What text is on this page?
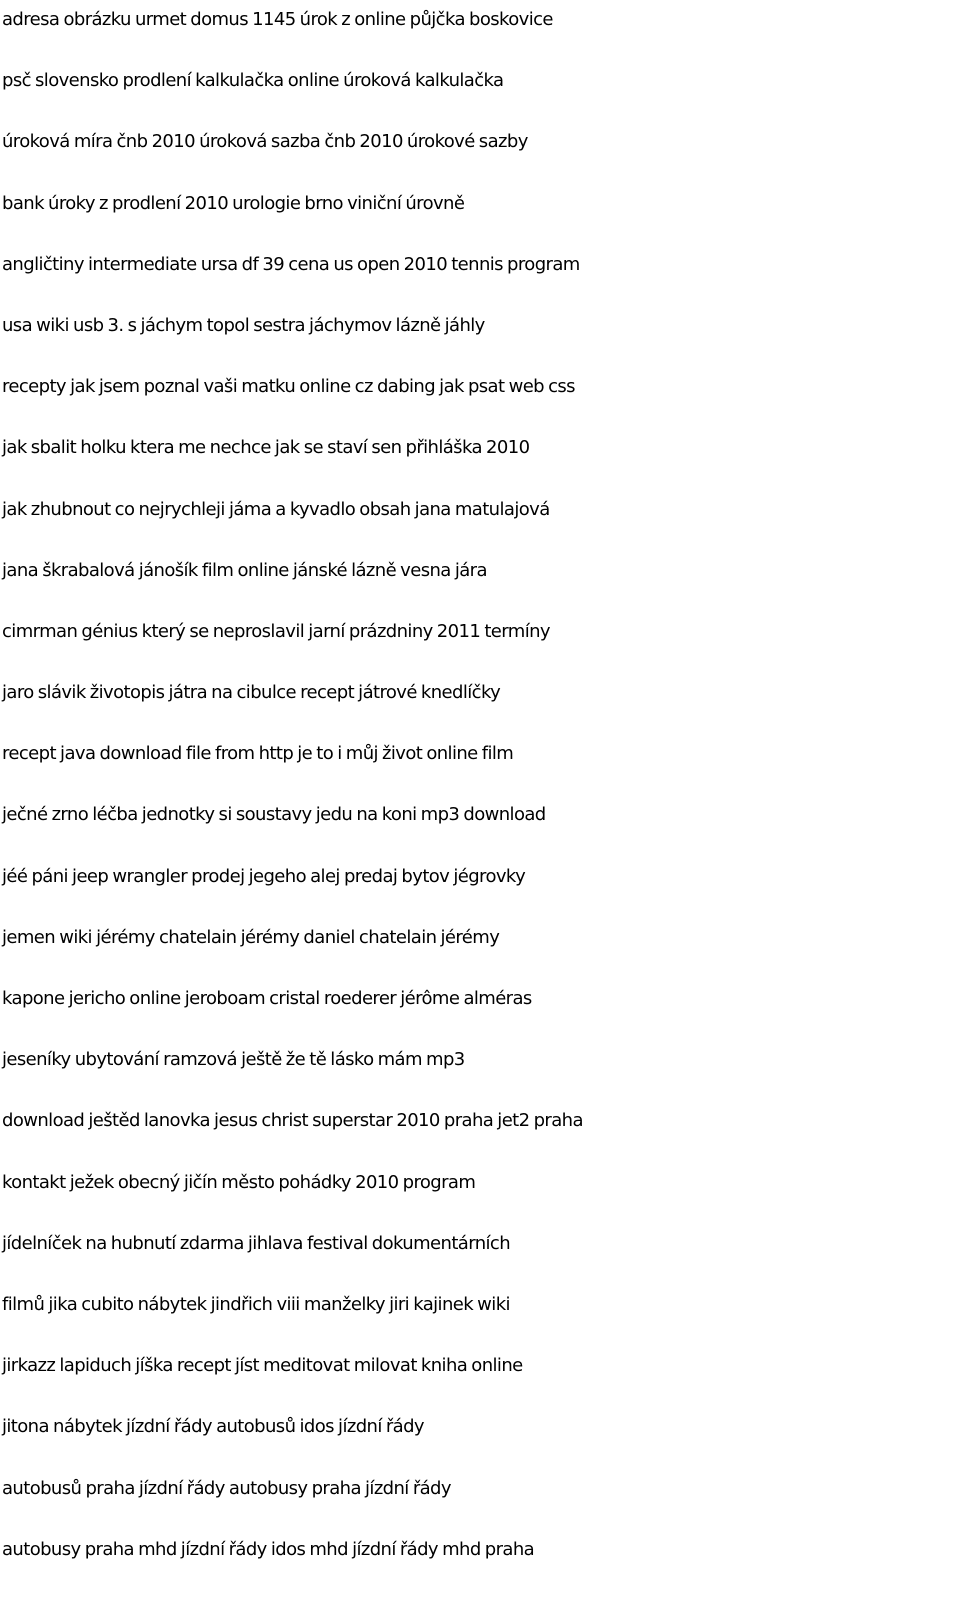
adresa obrázku urmet domus 1145 úrok z online půjčka boskovice
psč slovensko prodlení kalkulačka online úroková kalkulačka
úroková míra čnb 2010 úroková sazba čnb 2010 úrokové sazby
bank úroky z prodlení 2010 urologie brno viniční úrovně
angličtiny intermediate ursa df 39 cena us open 2010 tennis program
usa wiki usb 3. s jáchym topol sestra jáchymov lázně jáhly
recepty jak jsem poznal vaši matku online cz dabing jak psat web css
jak sbalit holku ktera me nechce jak se staví sen přihláška 2010
jak zhubnout co nejrychleji jáma a kyvadlo obsah jana matulajová
jana škrabalová jánošík film online jánské lázně vesna jára
cimrman génius který se neproslavil jarní prázdniny 2011 termíny
jaro slávik životopis játra na cibulce recept játrové knedlíčky
recept java download file from http je to i můj život online film
ječné zrno léčba jednotky si soustavy jedu na koni mp3 download
jéé páni jeep wrangler prodej jegeho alej predaj bytov jégrovky
jemen wiki jérémy chatelain jérémy daniel chatelain jérémy
kapone jericho online jeroboam cristal roederer jérôme alméras
jeseníky ubytování ramzová ještě že tě lásko mám mp3
download ještěd lanovka jesus christ superstar 2010 praha jet2 praha
kontakt ježek obecný jičín město pohádky 2010 program
jídelníček na hubnutí zdarma jihlava festival dokumentárních
filmů jika cubito nábytek jindřich viii manželky jiri kajinek wiki
jirkazz lapiduch jíška recept jíst meditovat milovat kniha online
jitona nábytek jízdní řády autobusů idos jízdní řády
autobusů praha jízdní řády autobusy praha jízdní řády
autobusy praha mhd jízdní řády idos mhd jízdní řády mhd praha
